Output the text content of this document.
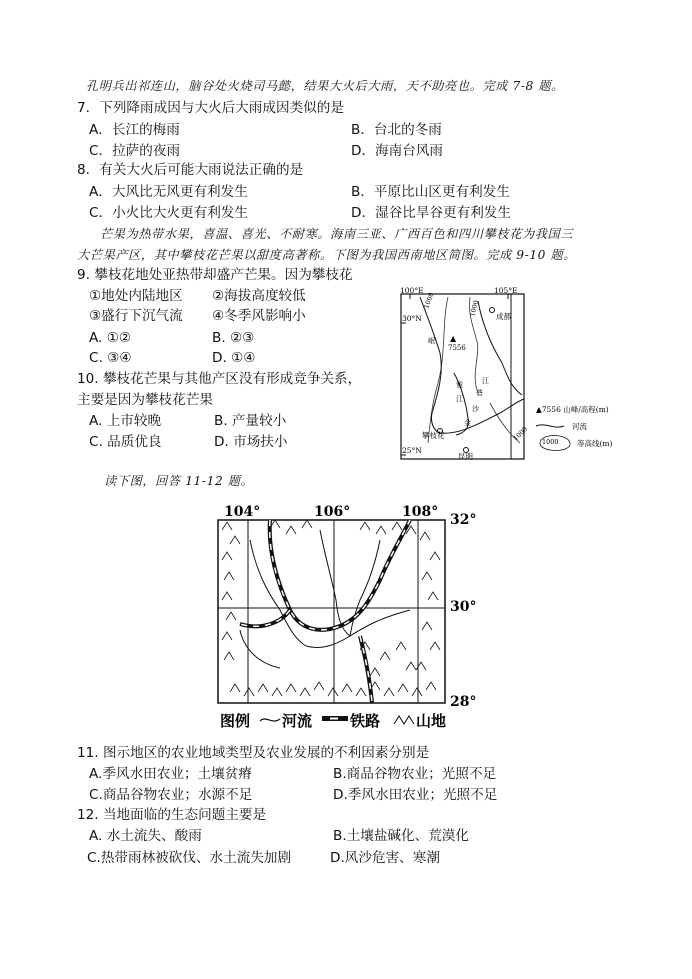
孔明兵出祁连山，脑谷处火烧司马懿，结果大火后大雨，天不助亮也。完成 7-8 题。
7．下列降雨成因与大火后大雨成因类似的是
A．长江的梅雨	B．台北的冬雨
C．拉萨的夜雨	D．海南台风雨
8．有关大火后可能大雨说法正确的是
A．大风比无风更有利发生	B．平原比山区更有利发生
C．小火比大火更有利发生	D．湿谷比旱谷更有利发生
芒果为热带水果，喜温、喜光、不耐寒。海南三亚、广西百色和四川攀枝花为我国三
大芒果产区，其中攀枝花芒果以甜度高著称。下图为我国西南地区简图。完成 9-10 题。
9. 攀枝花地处亚热带却盛产芒果。因为攀枝花
①地处内陆地区 ②海拔高度较低
③盛行下沉气流 ④冬季风影响小
A. ①②	B. ②③
C. ③④	D. ①④
10. 攀枝花芒果与其他产区没有形成竞争关系，
主要是因为攀枝花芒果
A. 上市较晚	B. 产量较小
C. 品质优良	D. 市场扶小
100°E	105°E
30°N
25°N
▲
7556
成都
攀枝花
昆明
1000
1000
1000
岷
雅
江
金
沙
砻
江
▲7556 山峰/高程(m)
河流
1000 等高线(m)
读下图，回答 11-12 题。
104°	106°	108° 32°
30°
28°
图例 河流	铁路 山地
11. 图示地区的农业地域类型及农业发展的不利因素分别是
A.季风水田农业；土壤贫瘠	B.商品谷物农业；光照不足
C.商品谷物农业；水源不足	D.季风水田农业；光照不足
12. 当地面临的生态问题主要是
A. 水土流失、酸雨	B.土壤盐碱化、荒漠化
C.热带雨林被砍伐、水土流失加剧	D.风沙危害、寒潮
